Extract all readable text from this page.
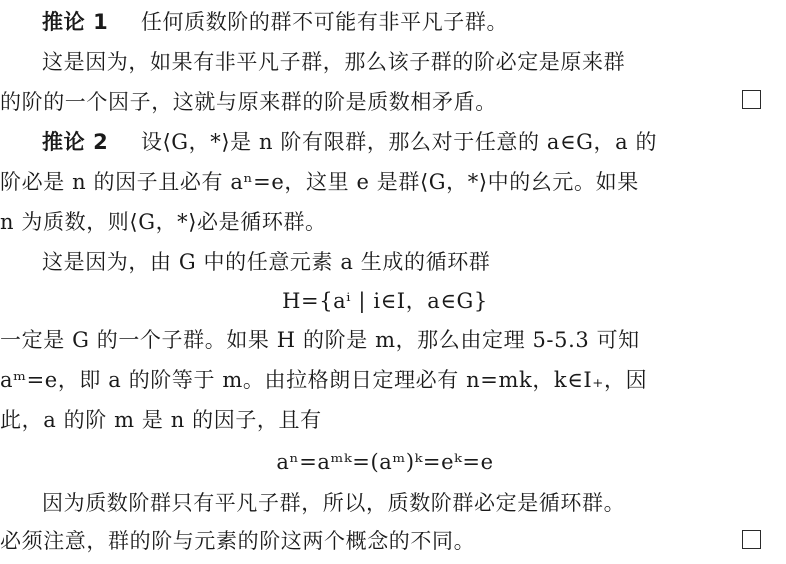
推论 1 任何质数阶的群不可能有非平凡子群。
这是因为，如果有非平凡子群，那么该子群的阶必定是原来群
的阶的一个因子，这就与原来群的阶是质数相矛盾。
推论 2 设⟨G，*⟩是 n 阶有限群，那么对于任意的 a∈G，a 的
阶必是 n 的因子且必有 aⁿ=e，这里 e 是群⟨G，*⟩中的幺元。如果
n 为质数，则⟨G，*⟩必是循环群。
这是因为，由 G 中的任意元素 a 生成的循环群
H={aⁱ | i∈I，a∈G}
一定是 G 的一个子群。如果 H 的阶是 m，那么由定理 5-5.3 可知
aᵐ=e，即 a 的阶等于 m。由拉格朗日定理必有 n=mk，k∈I₊，因
此，a 的阶 m 是 n 的因子，且有
aⁿ=aᵐᵏ=(aᵐ)ᵏ=eᵏ=e
因为质数阶群只有平凡子群，所以，质数阶群必定是循环群。
必须注意，群的阶与元素的阶这两个概念的不同。
